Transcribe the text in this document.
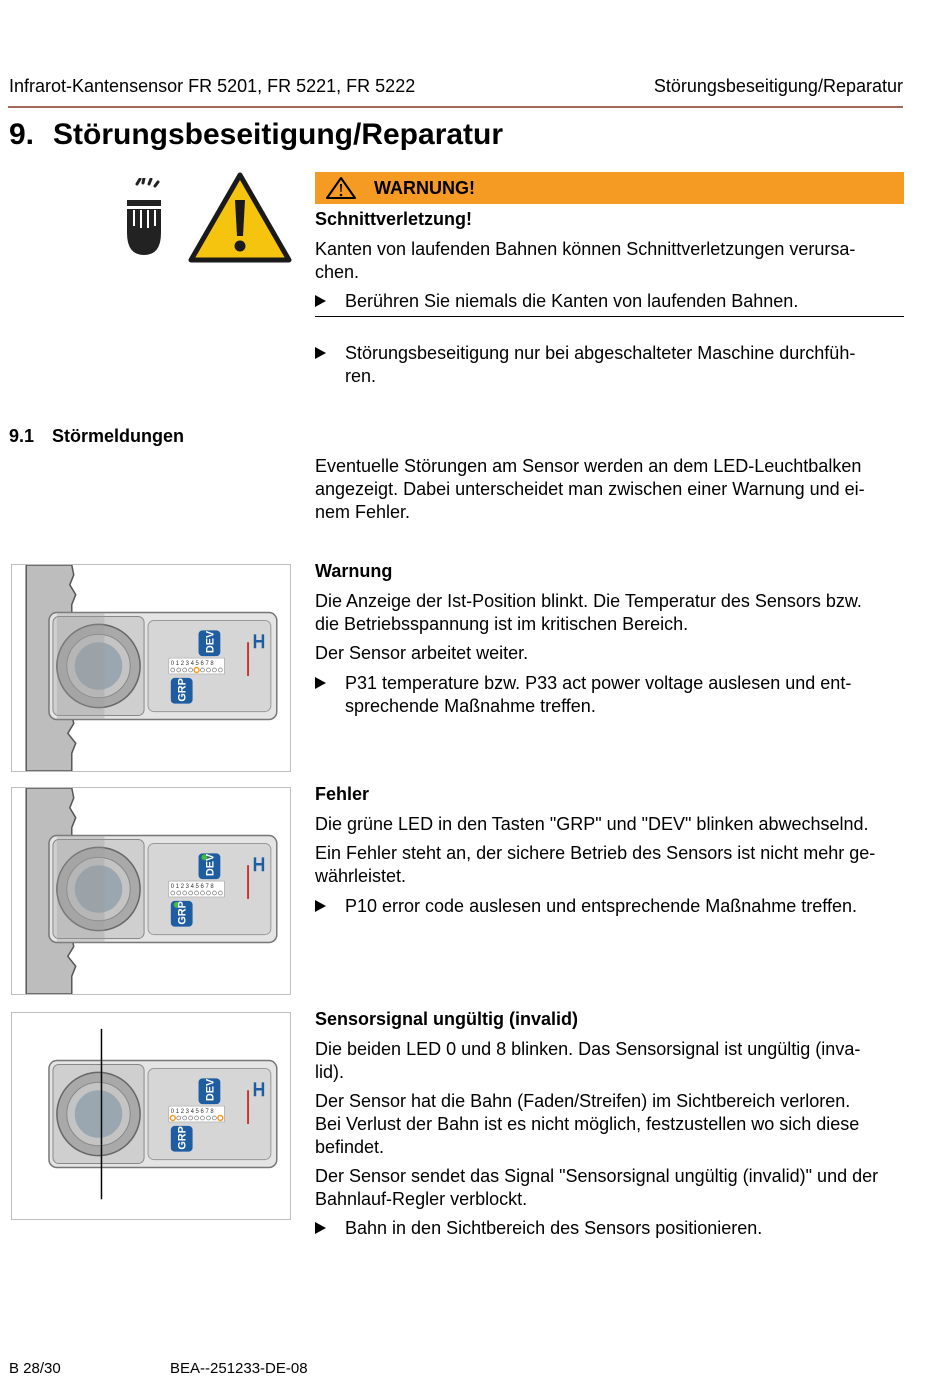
Infrarot-Kantensensor FR 5201, FR 5221, FR 5222	Störungsbeseitigung/Reparatur
9. Störungsbeseitigung/Reparatur
WARNUNG!
Schnittverletzung!
Kanten von laufenden Bahnen können Schnittverletzungen verursa-
chen.
Berühren Sie niemals die Kanten von laufenden Bahnen.
Störungsbeseitigung nur bei abgeschalteter Maschine durchfüh-
ren.
9.1 Störmeldungen
Eventuelle Störungen am Sensor werden an dem LED-Leuchtbalken
angezeigt. Dabei unterscheidet man zwischen einer Warnung und ei-
nem Fehler.
DEV
GRP
0 1 2 3 4 5 6 7 8
Warnung
Die Anzeige der Ist-Position blinkt. Die Temperatur des Sensors bzw.
die Betriebsspannung ist im kritischen Bereich.
Der Sensor arbeitet weiter.
P31 temperature bzw. P33 act power voltage auslesen und ent-
sprechende Maßnahme treffen.
DEV
GRP
0 1 2 3 4 5 6 7 8
Fehler
Die grüne LED in den Tasten "GRP" und "DEV" blinken abwechselnd.
Ein Fehler steht an, der sichere Betrieb des Sensors ist nicht mehr ge-
währleistet.
P10 error code auslesen und entsprechende Maßnahme treffen.
DEV
GRP
0 1 2 3 4 5 6 7 8
Sensorsignal ungültig (invalid)
Die beiden LED 0 und 8 blinken. Das Sensorsignal ist ungültig (inva-
lid).
Der Sensor hat die Bahn (Faden/Streifen) im Sichtbereich verloren.
Bei Verlust der Bahn ist es nicht möglich, festzustellen wo sich diese
befindet.
Der Sensor sendet das Signal "Sensorsignal ungültig (invalid)" und der
Bahnlauf-Regler verblockt.
Bahn in den Sichtbereich des Sensors positionieren.
B 28/30	BEA--251233-DE-08
